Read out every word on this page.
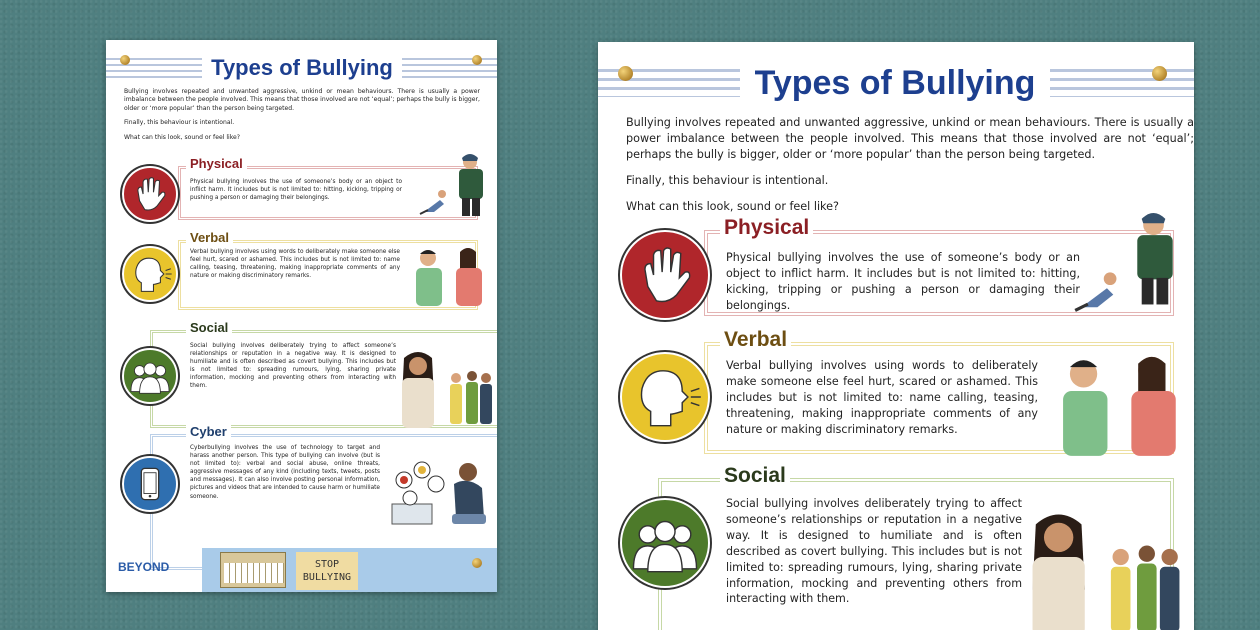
Types of Bullying

Bullying involves repeated and unwanted aggressive, unkind or mean behaviours. There is usually a power imbalance between the people involved. This means that those involved are not ‘equal’; perhaps the bully is bigger, older or ‘more popular’ than the person being targeted.

Finally, this behaviour is intentional.

What can this look, sound or feel like?

Physical
Physical bullying involves the use of someone’s body or an object to inflict harm. It includes but is not limited to: hitting, kicking, tripping or pushing a person or damaging their belongings.
Verbal
Verbal bullying involves using words to deliberately make someone else feel hurt, scared or ashamed. This includes but is not limited to: name calling, teasing, threatening, making inappropriate comments of any nature or making discriminatory remarks.
Social
Social bullying involves deliberately trying to affect someone’s relationships or reputation in a negative way. It is designed to humiliate and is often described as covert bullying. This includes but is not limited to: spreading rumours, lying, sharing private information, mocking and preventing others from interacting with them.
Cyber
Cyberbullying involves the use of technology to target and harass another person. This type of bullying can involve (but is not limited to): verbal and social abuse, online threats, aggressive messages of any kind (including texts, tweets, posts and messages). It can also involve posting personal information, pictures and videos that are intended to cause harm or humiliate someone.
BEYOND	STOP
BULLYING
Types of Bullying

Bullying involves repeated and unwanted aggressive, unkind or mean behaviours. There is usually a power imbalance between the people involved. This means that those involved are not ‘equal’; perhaps the bully is bigger, older or ‘more popular’ than the person being targeted.

Finally, this behaviour is intentional.

What can this look, sound or feel like?

Physical
Physical bullying involves the use of someone’s body or an object to inflict harm. It includes but is not limited to: hitting, kicking, tripping or pushing a person or damaging their belongings.
Verbal
Verbal bullying involves using words to deliberately make someone else feel hurt, scared or ashamed. This includes but is not limited to: name calling, teasing, threatening, making inappropriate comments of any nature or making discriminatory remarks.
Social
Social bullying involves deliberately trying to affect someone’s relationships or reputation in a negative way. It is designed to humiliate and is often described as covert bullying. This includes but is not limited to: spreading rumours, lying, sharing private information, mocking and preventing others from interacting with them.
